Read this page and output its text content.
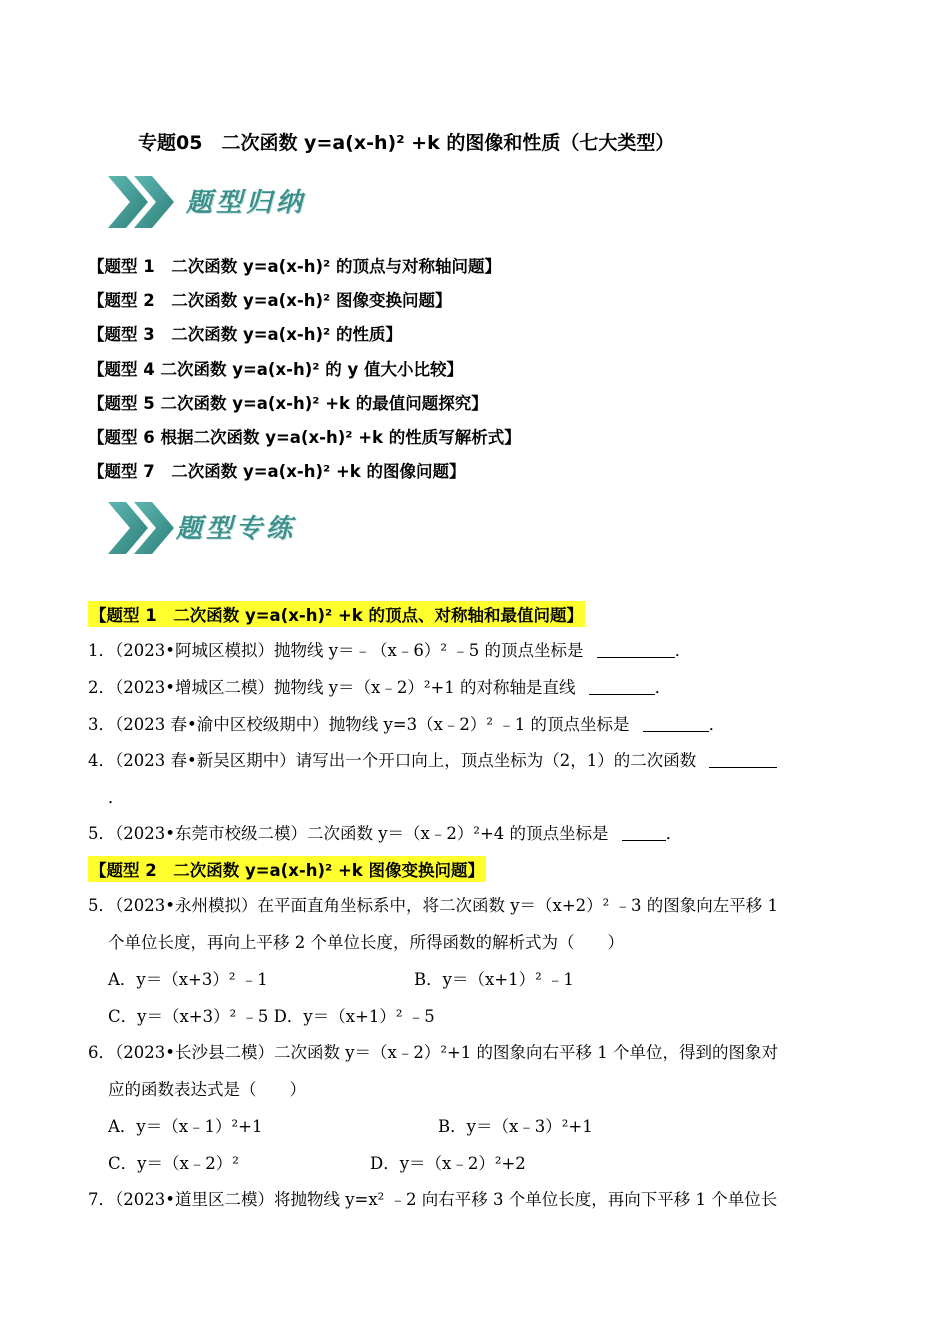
专题05　二次函数 y=a(x-h)² +k 的图像和性质（七大类型）
题型归纳
【题型 1　二次函数 y=a(x-h)² 的顶点与对称轴问题】
【题型 2　二次函数 y=a(x-h)² 图像变换问题】
【题型 3　二次函数 y=a(x-h)² 的性质】
【题型 4 二次函数 y=a(x-h)² 的 y 值大小比较】
【题型 5 二次函数 y=a(x-h)² +k 的最值问题探究】
【题型 6 根据二次函数 y=a(x-h)² +k 的性质写解析式】
【题型 7　二次函数 y=a(x-h)² +k 的图像问题】
题型专练
【题型 1　二次函数 y=a(x-h)² +k 的顶点、对称轴和最值问题】
1．（2023•阿城区模拟）抛物线 y＝﹣（x﹣6）² ﹣5 的顶点坐标是	．
2．（2023•增城区二模）抛物线 y＝（x﹣2）²+1 的对称轴是直线	．
3．（2023 春•渝中区校级期中）抛物线 y=3（x﹣2）² ﹣1 的顶点坐标是	．
4．（2023 春•新吴区期中）请写出一个开口向上，顶点坐标为（2，1）的二次函数
．
5．（2023•东莞市校级二模）二次函数 y＝（x﹣2）²+4 的顶点坐标是	．
【题型 2　二次函数 y=a(x-h)² +k 图像变换问题】
5．（2023•永州模拟）在平面直角坐标系中，将二次函数 y＝（x+2）² ﹣3 的图象向左平移 1
个单位长度，再向上平移 2 个单位长度，所得函数的解析式为（　　）
A．y＝（x+3）² ﹣1	B．y＝（x+1）² ﹣1
C．y＝（x+3）² ﹣5 D．y＝（x+1）² ﹣5
6．（2023•长沙县二模）二次函数 y＝（x﹣2）²+1 的图象向右平移 1 个单位，得到的图象对
应的函数表达式是（　　）
A．y＝（x﹣1）²+1	B．y＝（x﹣3）²+1
C．y＝（x﹣2）²	D．y＝（x﹣2）²+2
7．（2023•道里区二模）将抛物线 y=x² ﹣2 向右平移 3 个单位长度，再向下平移 1 个单位长
